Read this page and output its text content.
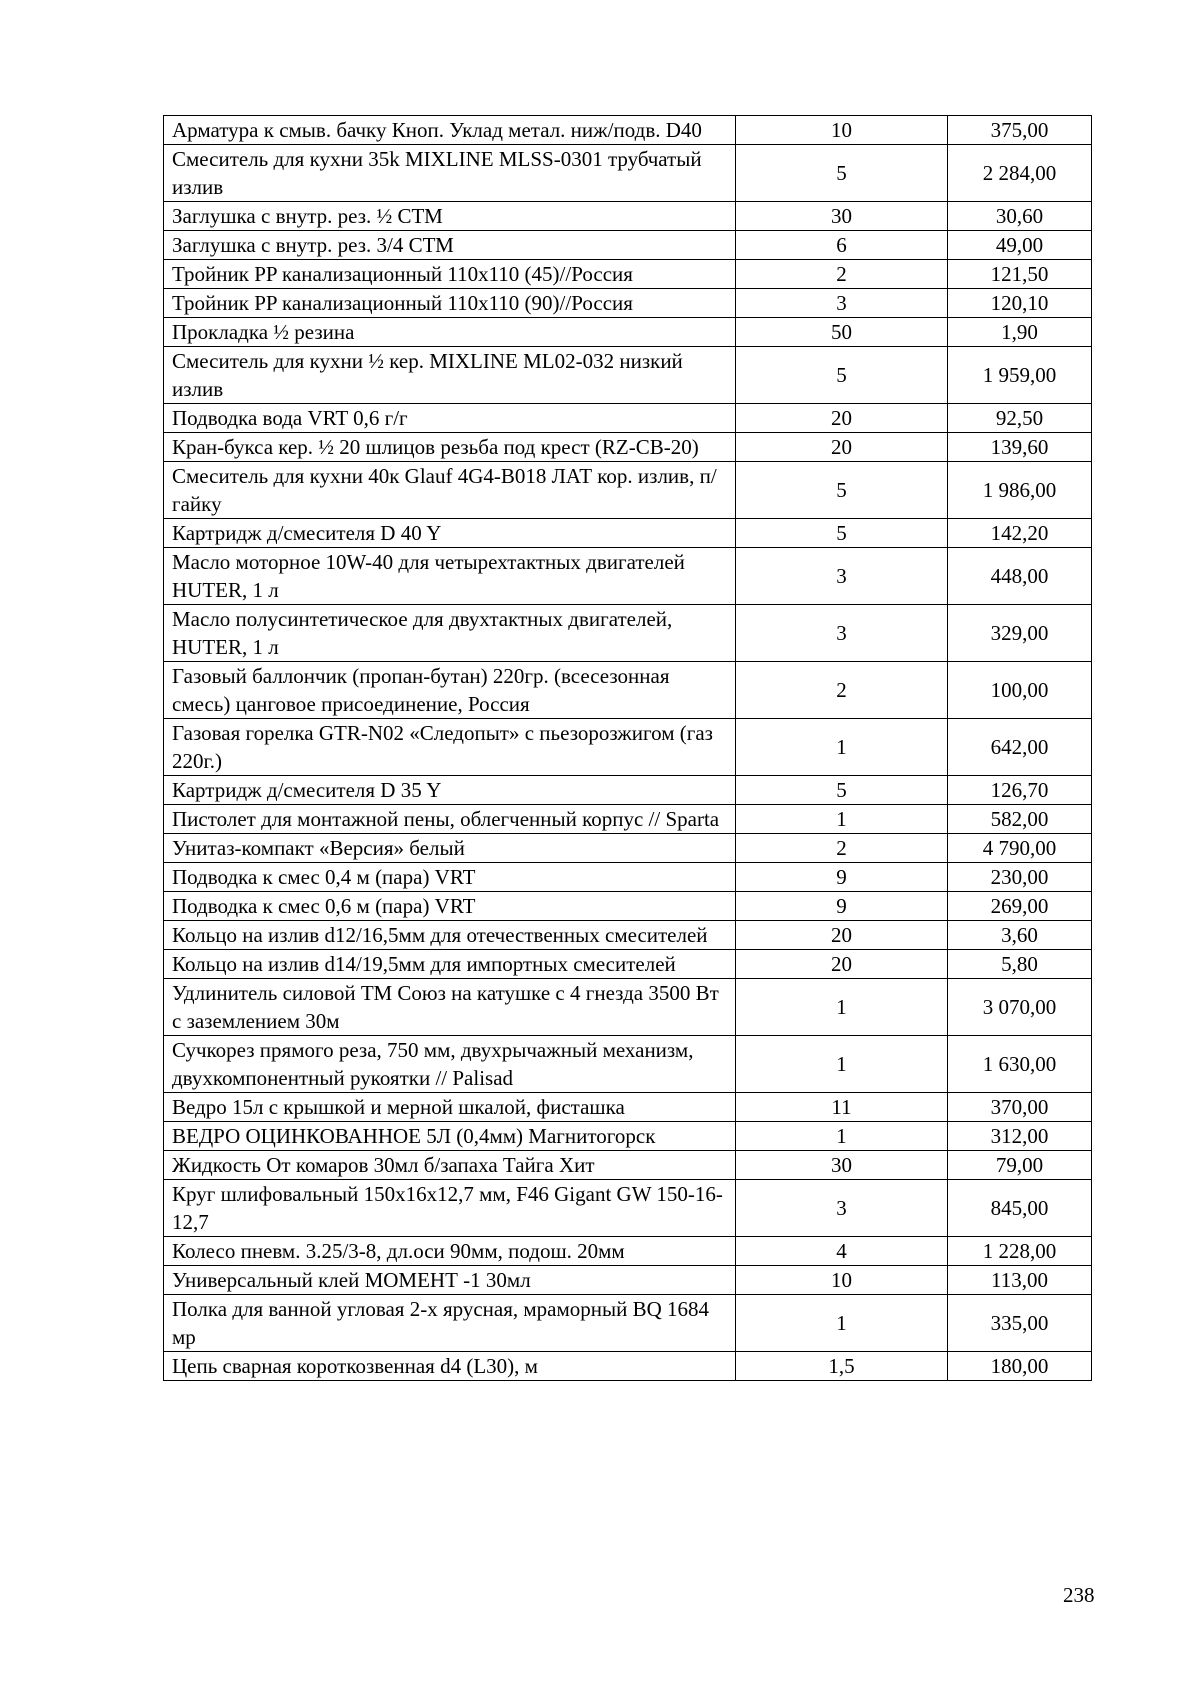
Арматура к смыв. бачку Кноп. Уклад метал. ниж/подв. D40	10	375,00
Смеситель для кухни 35k MIXLINE MLSS-0301 трубчатый излив	5	2 284,00
Заглушка с внутр. рез. ½ СТМ	30	30,60
Заглушка с внутр. рез. 3/4 СТМ	6	49,00
Тройник PP канализационный 110х110 (45)//Россия	2	121,50
Тройник PP канализационный 110х110 (90)//Россия	3	120,10
Прокладка ½ резина	50	1,90
Смеситель для кухни ½ кер. MIXLINE ML02-032 низкий излив	5	1 959,00
Подводка вода VRT 0,6 г/г	20	92,50
Кран-букса кер. ½ 20 шлицов резьба под крест (RZ-CB-20)	20	139,60
Смеситель для кухни 40к Glauf 4G4-B018 ЛАТ кор. излив, п/гайку	5	1 986,00
Картридж д/смесителя D 40 Y	5	142,20
Масло моторное 10W-40 для четырехтактных двигателей HUTER, 1 л	3	448,00
Масло полусинтетическое для двухтактных двигателей, HUTER, 1 л	3	329,00
Газовый баллончик (пропан-бутан) 220гр. (всесезонная смесь) цанговое присоединение, Россия	2	100,00
Газовая горелка GTR-N02 «Следопыт» с пьезорозжигом (газ 220г.)	1	642,00
Картридж д/смесителя D 35 Y	5	126,70
Пистолет для монтажной пены, облегченный корпус // Sparta	1	582,00
Унитаз-компакт «Версия» белый	2	4 790,00
Подводка к смес 0,4 м (пара) VRT	9	230,00
Подводка к смес 0,6 м (пара) VRT	9	269,00
Кольцо на излив d12/16,5мм для отечественных смесителей	20	3,60
Кольцо на излив d14/19,5мм для импортных смесителей	20	5,80
Удлинитель силовой ТМ Союз на катушке с 4 гнезда 3500 Вт с заземлением 30м	1	3 070,00
Сучкорез прямого реза, 750 мм, двухрычажный механизм, двухкомпонентный рукоятки // Palisad	1	1 630,00
Ведро 15л с крышкой и мерной шкалой, фисташка	11	370,00
ВЕДРО ОЦИНКОВАННОЕ 5Л (0,4мм) Магнитогорск	1	312,00
Жидкость От комаров 30мл б/запаха Тайга Хит	30	79,00
Круг шлифовальный 150х16х12,7 мм, F46 Gigant GW 150-16-12,7	3	845,00
Колесо пневм. 3.25/3-8, дл.оси 90мм, подош. 20мм	4	1 228,00
Универсальный клей МОМЕНТ -1 30мл	10	113,00
Полка для ванной угловая 2-х ярусная, мраморный BQ 1684 мр	1	335,00
Цепь сварная короткозвенная d4 (L30), м	1,5	180,00
238
